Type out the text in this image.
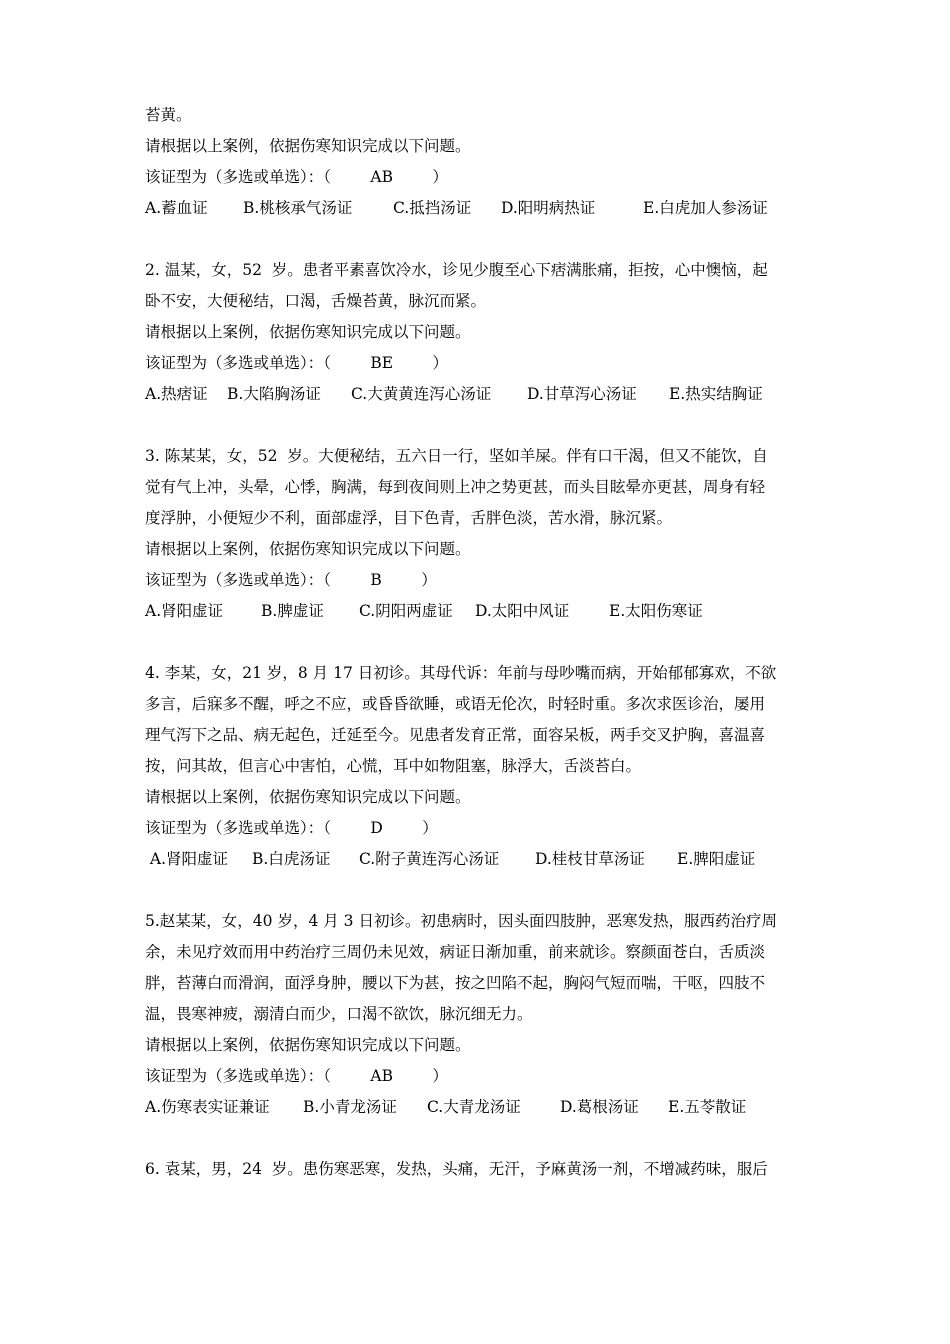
苔黄。
请根据以上案例，依据伤寒知识完成以下问题。
该证型为（多选或单选）：（        AB        ）
A.蓄血证	B.桃核承气汤证	C.抵挡汤证	D.阳明病热证	E.白虎加人参汤证
2. 温某，女，52  岁。患者平素喜饮冷水，诊见少腹至心下痞满胀痛，拒按，心中懊恼，起
卧不安，大便秘结，口渴，舌燥苔黄，脉沉而紧。
请根据以上案例，依据伤寒知识完成以下问题。
该证型为（多选或单选）：（        BE        ）
A.热痞证	B.大陷胸汤证	C.大黄黄连泻心汤证	D.甘草泻心汤证	E.热实结胸证
3. 陈某某，女，52  岁。大便秘结，五六日一行，坚如羊屎。伴有口干渴，但又不能饮，自
觉有气上冲，头晕，心悸，胸满，每到夜间则上冲之势更甚，而头目眩晕亦更甚，周身有轻
度浮肿，小便短少不利，面部虚浮，目下色青，舌胖色淡，苦水滑，脉沉紧。
请根据以上案例，依据伤寒知识完成以下问题。
该证型为（多选或单选）：（        B        ）
A.肾阳虚证	B.脾虚证	C.阴阳两虚证	D.太阳中风证	E.太阳伤寒证
4. 李某，女，21 岁，8 月 17 日初诊。其母代诉：年前与母吵嘴而病，开始郁郁寡欢，不欲
多言，后寐多不醒，呼之不应，或昏昏欲睡，或语无伦次，时轻时重。多次求医诊治，屡用
理气泻下之品、病无起色，迁延至今。见患者发育正常，面容呆板，两手交叉护胸，喜温喜
按，问其故，但言心中害怕，心慌，耳中如物阻塞，脉浮大，舌淡苔白。
请根据以上案例，依据伤寒知识完成以下问题。
该证型为（多选或单选）：（        D        ）
A.肾阳虚证	B.白虎汤证	C.附子黄连泻心汤证	D.桂枝甘草汤证	E.脾阳虚证
5.赵某某，女，40 岁，4 月 3 日初诊。初患病时，因头面四肢肿，恶寒发热，服西药治疗周
余，未见疗效而用中药治疗三周仍未见效，病证日渐加重，前来就诊。察颜面苍白，舌质淡
胖，苔薄白而滑润，面浮身肿，腰以下为甚，按之凹陷不起，胸闷气短而喘，干呕，四肢不
温，畏寒神疲，溺清白而少，口渴不欲饮，脉沉细无力。
请根据以上案例，依据伤寒知识完成以下问题。
该证型为（多选或单选）：（        AB        ）
A.伤寒表实证兼证	B.小青龙汤证	C.大青龙汤证	D.葛根汤证	E.五苓散证
6. 袁某，男，24  岁。患伤寒恶寒，发热，头痛，无汗，予麻黄汤一剂，不增减药味，服后
